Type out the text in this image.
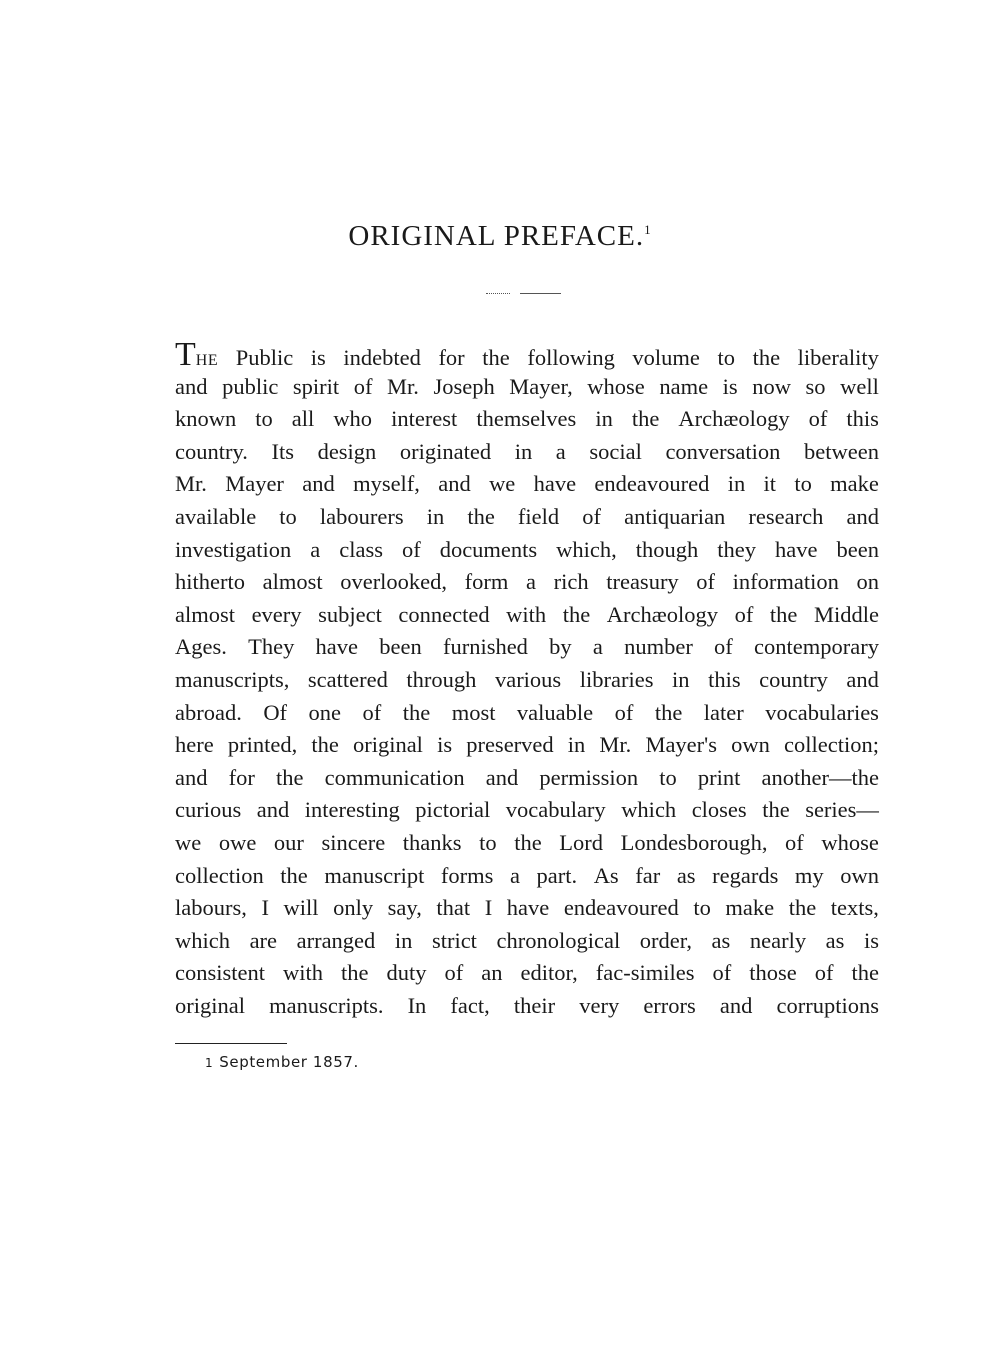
ORIGINAL PREFACE.$^1$
THE Public is indebted for the following volume to the liberality
and public spirit of Mr. Joseph Mayer, whose name is now so well
known to all who interest themselves in the Archæology of this
country. Its design originated in a social conversation between
Mr. Mayer and myself, and we have endeavoured in it to make
available to labourers in the field of antiquarian research and
investigation a class of documents which, though they have been
hitherto almost overlooked, form a rich treasury of information on
almost every subject connected with the Archæology of the Middle
Ages. They have been furnished by a number of contemporary
manuscripts, scattered through various libraries in this country and
abroad. Of one of the most valuable of the later vocabularies
here printed, the original is preserved in Mr. Mayer's own collection;
and for the communication and permission to print another—the
curious and interesting pictorial vocabulary which closes the series—
we owe our sincere thanks to the Lord Londesborough, of whose
collection the manuscript forms a part. As far as regards my own
labours, I will only say, that I have endeavoured to make the texts,
which are arranged in strict chronological order, as nearly as is
consistent with the duty of an editor, fac-similes of those of the
original manuscripts. In fact, their very errors and corruptions
1 September 1857.
